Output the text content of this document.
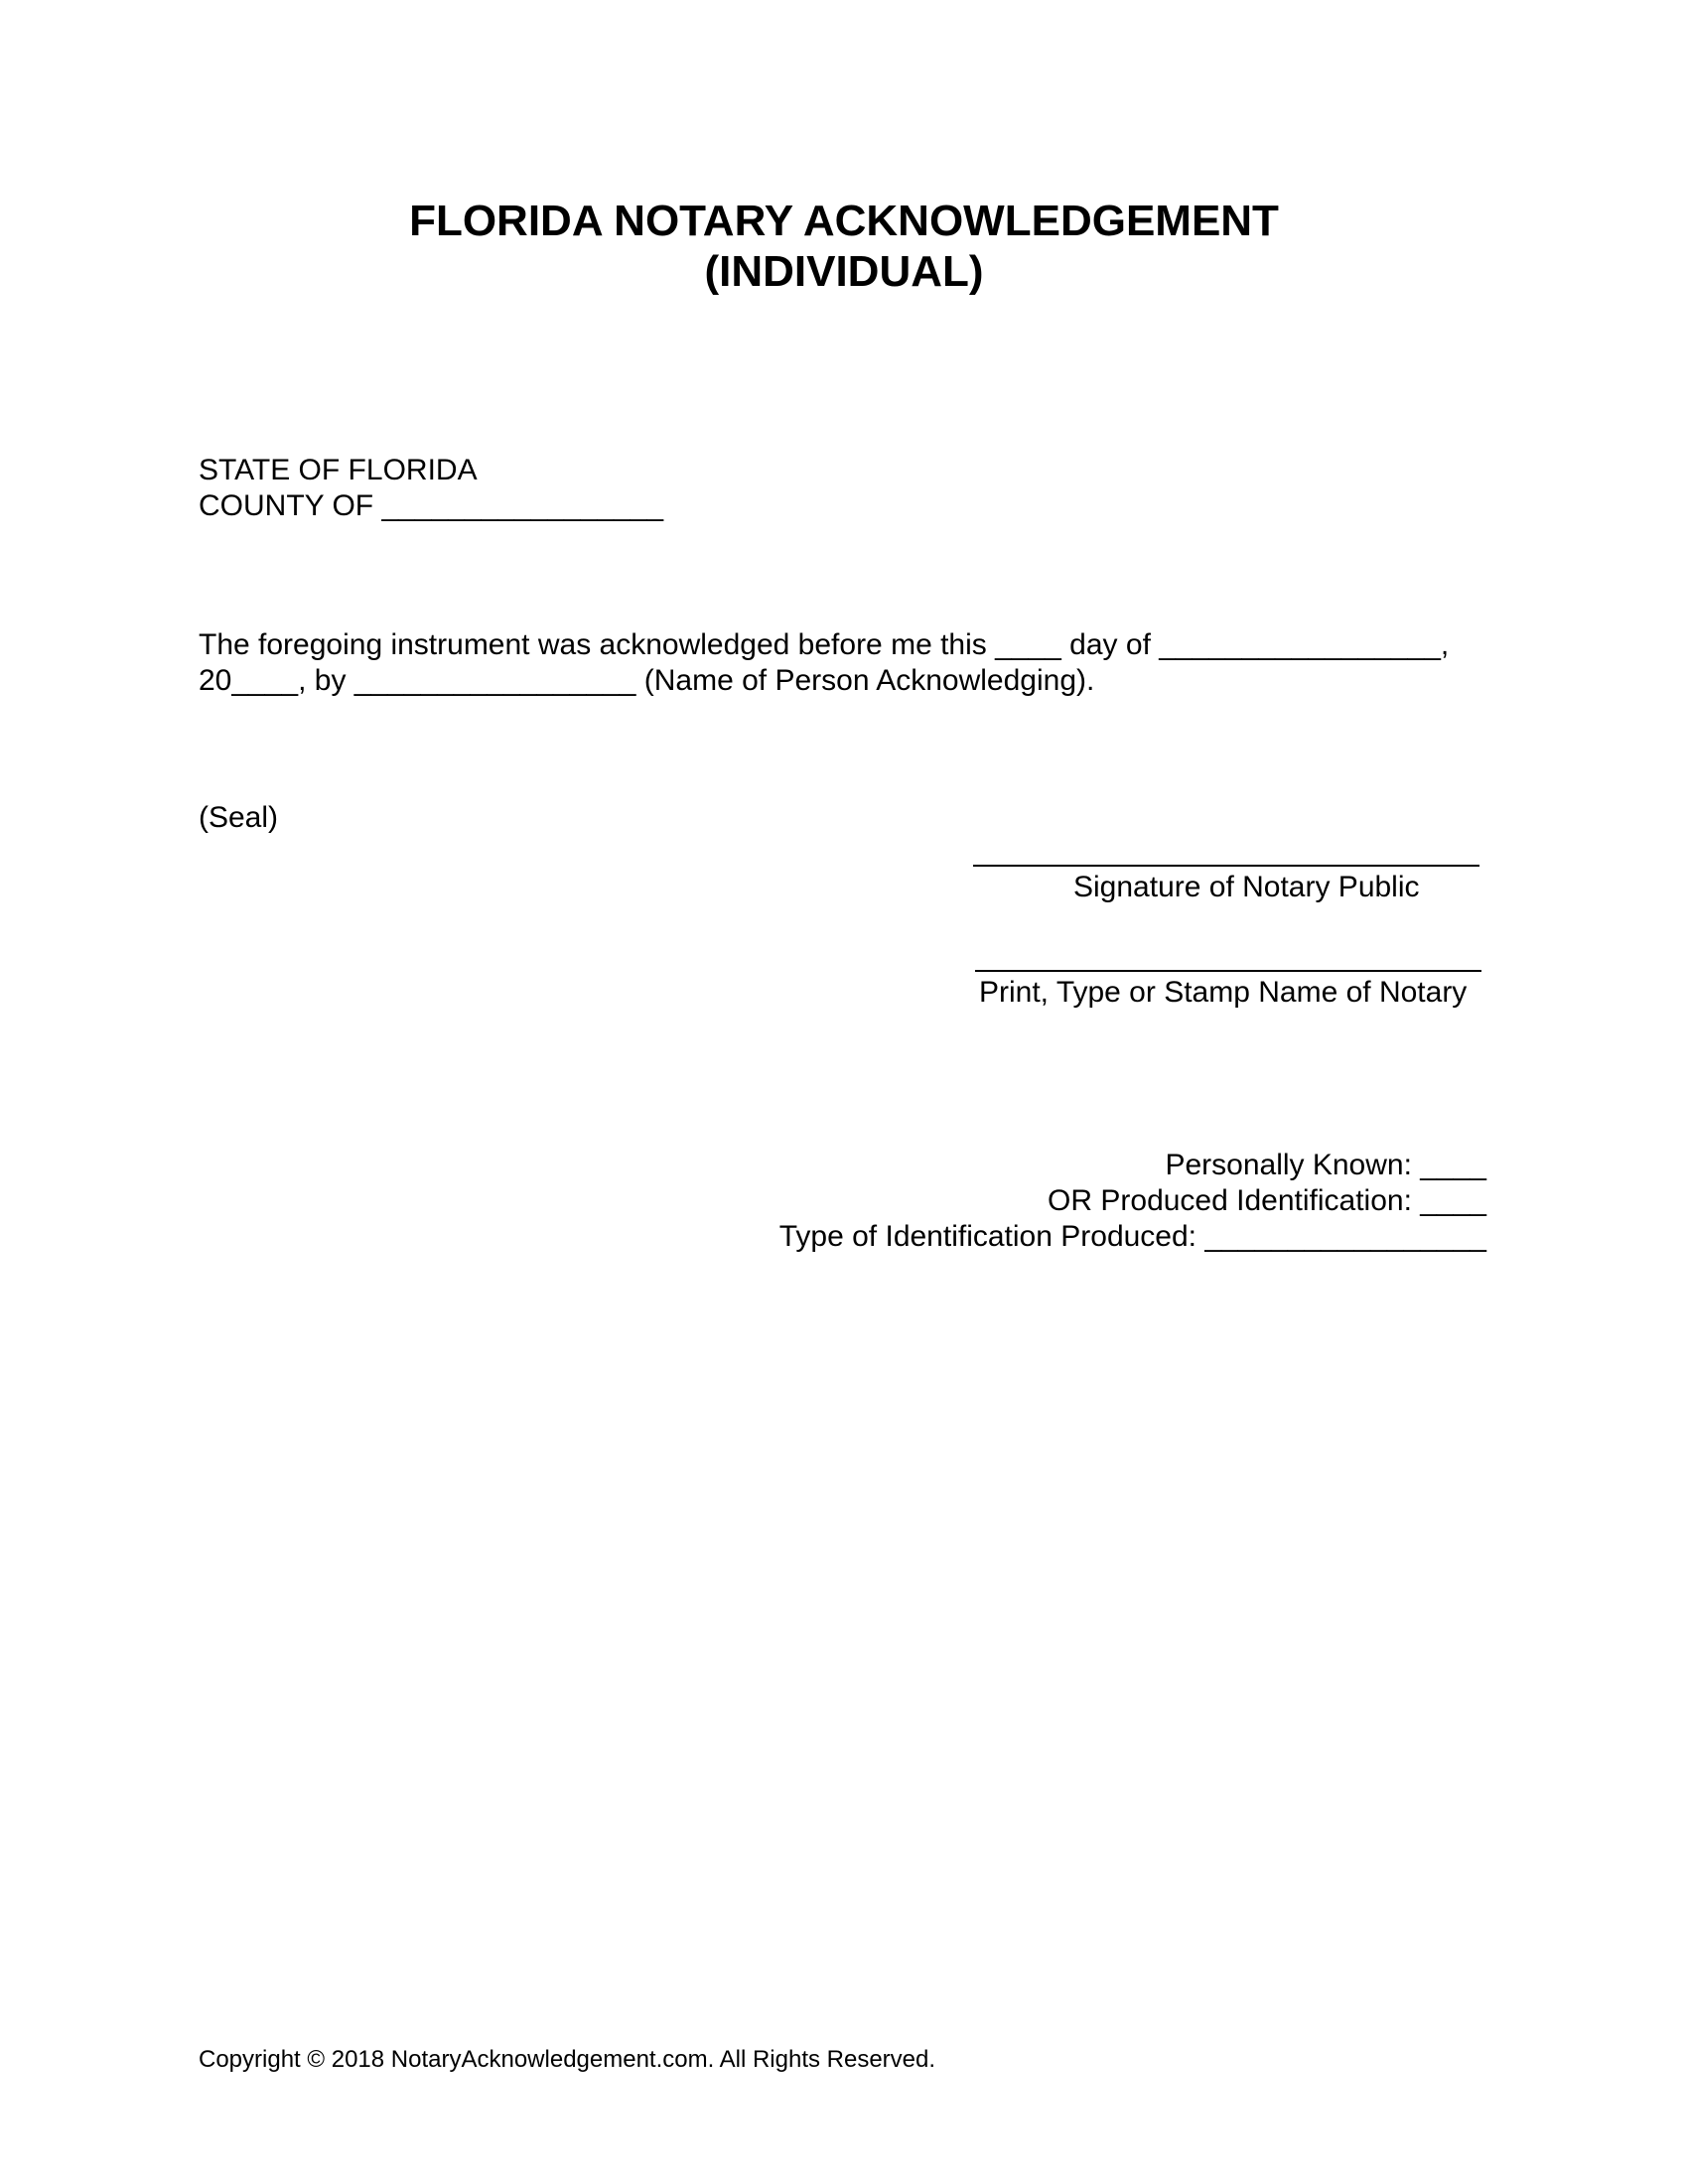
FLORIDA NOTARY ACKNOWLEDGEMENT
(INDIVIDUAL)
STATE OF FLORIDA
COUNTY OF _________________
The foregoing instrument was acknowledged before me this ____ day of _________________,
20____, by _________________ (Name of Person Acknowledging).
(Seal)
Signature of Notary Public
Print, Type or Stamp Name of Notary
Personally Known: ____
OR Produced Identification: ____
Type of Identification Produced: _________________
Copyright © 2018 NotaryAcknowledgement.com. All Rights Reserved.
